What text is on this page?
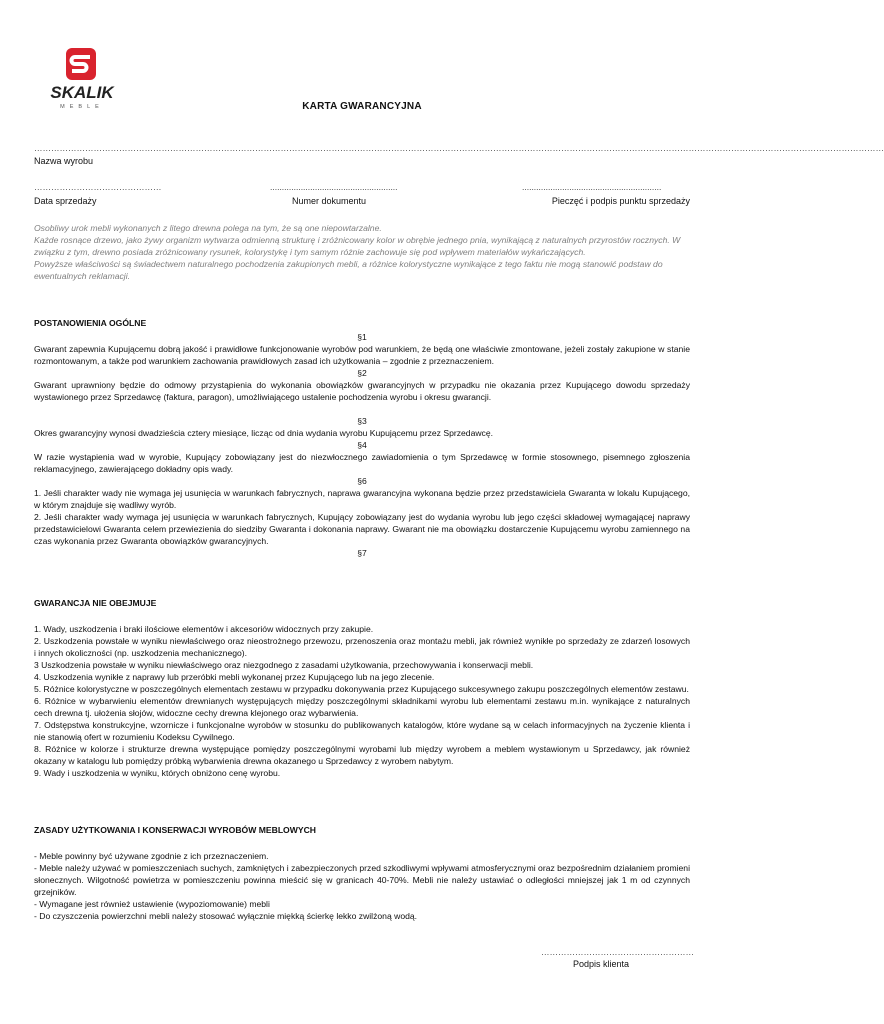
SKALIK
MEBLE	KARTA GWARANCYJNA
…………………………………………………………………………………………………………………………………………………………………………………………………………………………………………………………………………
Nazwa wyrobu
………………………………………
Data sprzedaży
......................................................
Numer dokumentu
...........................................................
Pieczęć i podpis punktu sprzedaży

Osobliwy urok mebli wykonanych z litego drewna polega na tym, że są one niepowtarzalne.

Każde rosnące drzewo, jako żywy organizm wytwarza odmienną strukturę i zróżnicowany kolor w obrębie jednego pnia, wynikającą z naturalnych przyrostów rocznych. W związku z tym, drewno posiada zróżnicowany rysunek, kolorystykę i tym samym różnie zachowuje się pod wpływem materiałów wykańczających.

Powyższe właściwości są świadectwem naturalnego pochodzenia zakupionych mebli, a różnice kolorystyczne wynikające z tego faktu nie mogą stanowić podstaw do ewentualnych reklamacji.

POSTANOWIENIA OGÓLNE

§1

Gwarant zapewnia Kupującemu dobrą jakość i prawidłowe funkcjonowanie wyrobów pod warunkiem, że będą one właściwie zmontowane, jeżeli zostały zakupione w stanie rozmontowanym, a także pod warunkiem zachowania prawidłowych zasad ich użytkowania – zgodnie z przeznaczeniem.

§2

Gwarant uprawniony będzie do odmowy przystąpienia do wykonania obowiązków gwarancyjnych w przypadku nie okazania przez Kupującego dowodu sprzedaży wystawionego przez Sprzedawcę (faktura, paragon), umożliwiającego ustalenie pochodzenia wyrobu i okresu gwarancji.

§3

Okres gwarancyjny wynosi dwadzieścia cztery miesiące, licząc od dnia wydania wyrobu Kupującemu przez Sprzedawcę.

§4

W razie wystąpienia wad w wyrobie, Kupujący zobowiązany jest do niezwłocznego zawiadomienia o tym Sprzedawcę w formie stosownego, pisemnego zgłoszenia reklamacyjnego, zawierającego dokładny opis wady.

§6

1. Jeśli charakter wady nie wymaga jej usunięcia w warunkach fabrycznych, naprawa gwarancyjna wykonana będzie przez przedstawiciela Gwaranta w lokalu Kupującego, w którym znajduje się wadliwy wyrób.

2. Jeśli charakter wady wymaga jej usunięcia w warunkach fabrycznych, Kupujący zobowiązany jest do wydania wyrobu lub jego części składowej wymagającej naprawy przedstawicielowi Gwaranta celem przewiezienia do siedziby Gwaranta i dokonania naprawy. Gwarant nie ma obowiązku dostarczenie Kupującemu wyrobu zamiennego na czas wykonania przez Gwaranta obowiązków gwarancyjnych.

§7

GWARANCJA NIE OBEJMUJE

1. Wady, uszkodzenia i braki ilościowe elementów i akcesoriów widocznych przy zakupie.

2. Uszkodzenia powstałe w wyniku niewłaściwego oraz nieostrożnego przewozu, przenoszenia oraz montażu mebli, jak również wynikłe po sprzedaży ze zdarzeń losowych i innych okoliczności (np. uszkodzenia mechanicznego).

3 Uszkodzenia powstałe w wyniku niewłaściwego oraz niezgodnego z zasadami użytkowania, przechowywania i konserwacji mebli.

4. Uszkodzenia wynikłe z naprawy lub przeróbki mebli wykonanej przez Kupującego lub na jego zlecenie.

5. Różnice kolorystyczne w poszczególnych elementach zestawu w przypadku dokonywania przez Kupującego sukcesywnego zakupu poszczególnych elementów zestawu.

6. Różnice w wybarwieniu elementów drewnianych występujących między poszczególnymi składnikami wyrobu lub elementami zestawu m.in. wynikające z naturalnych cech drewna tj. ułożenia słojów, widoczne cechy drewna klejonego oraz wybarwienia.

7. Odstępstwa konstrukcyjne, wzornicze i funkcjonalne wyrobów w stosunku do publikowanych katalogów, które wydane są w celach informacyjnych na życzenie klienta i nie stanowią ofert w rozumieniu Kodeksu Cywilnego.

8. Różnice w kolorze i strukturze drewna występujące pomiędzy poszczególnymi wyrobami lub między wyrobem a meblem wystawionym u Sprzedawcy, jak również okazany w katalogu lub pomiędzy próbką wybarwienia drewna okazanego u Sprzedawcy z wyrobem nabytym.

9. Wady i uszkodzenia w wyniku, których obniżono cenę wyrobu.

ZASADY UŻYTKOWANIA I KONSERWACJI WYROBÓW MEBLOWYCH

- Meble powinny być używane zgodnie z ich przeznaczeniem.

- Meble należy używać w pomieszczeniach suchych, zamkniętych i zabezpieczonych przed szkodliwymi wpływami atmosferycznymi oraz bezpośrednim działaniem promieni słonecznych. Wilgotność powietrza w pomieszczeniu powinna mieścić się w granicach 40-70%. Mebli nie należy ustawiać o odległości mniejszej jak 1 m od czynnych grzejników.

- Wymagane jest również ustawienie (wypoziomowanie) mebli

- Do czyszczenia powierzchni mebli należy stosować wyłącznie miękką ścierkę lekko zwilżoną wodą.

………………………………………………
Podpis klienta
